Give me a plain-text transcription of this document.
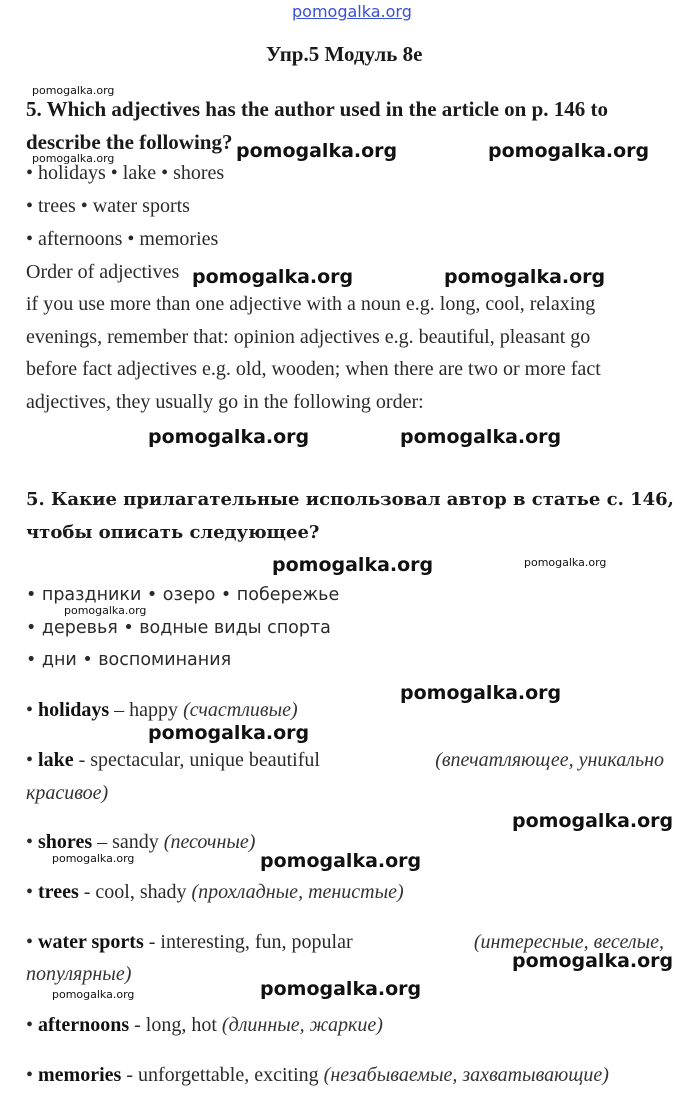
pomogalka.org
Упр.5 Модуль 8е
5. Which adjectives has the author used in the article on p. 146 to
describe the following?
• holidays • lake • shores
• trees • water sports
• afternoons • memories
Order of adjectives
if you use more than one adjective with a noun e.g. long, cool, relaxing
evenings, remember that: opinion adjectives e.g. beautiful, pleasant go
before fact adjectives e.g. old, wooden; when there are two or more fact
adjectives, they usually go in the following order:
5. Какие прилагательные использовал автор в статье с. 146,
чтобы описать следующее?
• праздники • озеро • побережье
• деревья • водные виды спорта
• дни • воспоминания
• holidays – happy (счастливые)
• lake - spectacular, unique beautiful	(впечатляющее, уникально
красивое)
• shores – sandy (песочные)
• trees - cool, shady (прохладные, тенистые)
• water sports - interesting, fun, popular	(интересные, веселые,
популярные)
• afternoons - long, hot (длинные, жаркие)
• memories - unforgettable, exciting (незабываемые, захватывающие)
pomogalka.org
pomogalka.org
pomogalka.org
pomogalka.org
pomogalka.org
pomogalka.org
pomogalka.org	pomogalka.org
pomogalka.org	pomogalka.org
pomogalka.org	pomogalka.org
pomogalka.org
pomogalka.org
pomogalka.org
pomogalka.org
pomogalka.org
pomogalka.org
pomogalka.org
